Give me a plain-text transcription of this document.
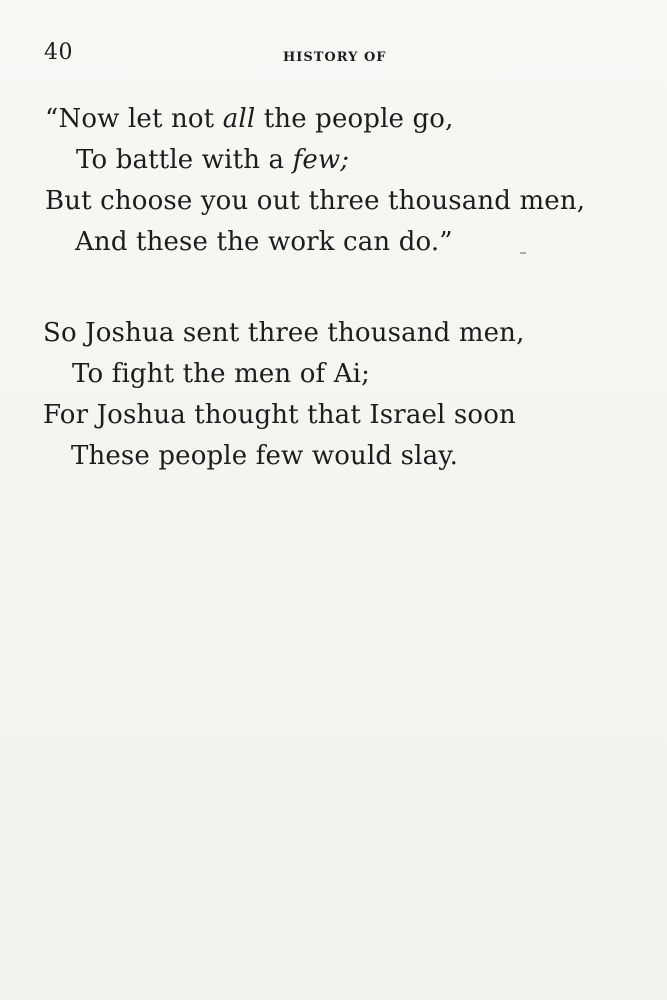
40	HISTORY OF
“Now let not all the people go,
To battle with a few;
But choose you out three thousand men,
And these the work can do.”
So Joshua sent three thousand men,
To fight the men of Ai;
For Joshua thought that Israel soon
These people few would slay.
